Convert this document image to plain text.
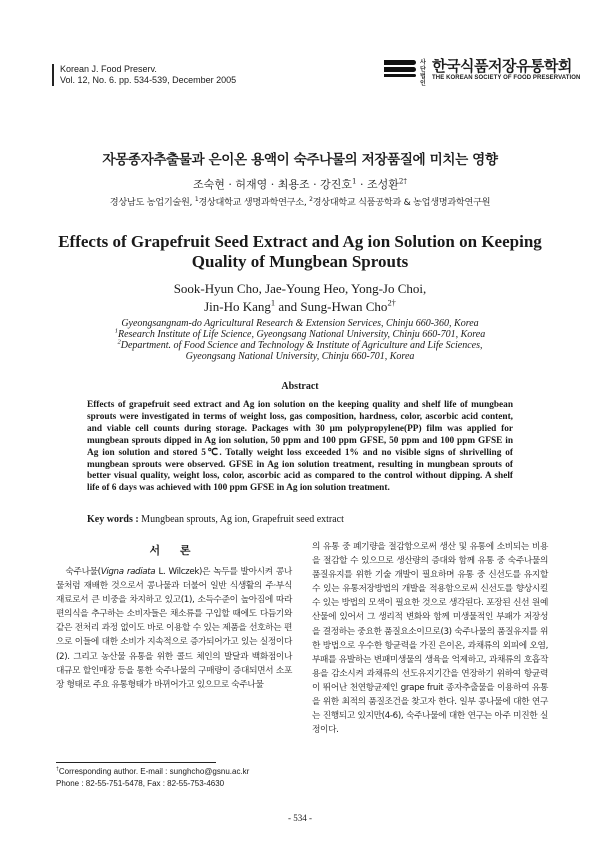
Korean J. Food Preserv.
Vol. 12, No. 6. pp. 534-539, December 2005
사단법인
한국식품저장유통학회
THE KOREAN SOCIETY OF FOOD PRESERVATION
자몽종자추출물과 은이온 용액이 숙주나물의 저장품질에 미치는 영향
조숙현 · 허재영 · 최용조 · 강진호$^1$ · 조성환$^{2\dagger}$
경상남도 농업기술원, $^1$경상대학교 생명과학연구소, $^2$경상대학교 식품공학과 & 농업생명과학연구원
Effects of Grapefruit Seed Extract and Ag ion Solution on Keeping
Quality of Mungbean Sprouts
Sook-Hyun Cho, Jae-Young Heo, Yong-Jo Choi,
Jin-Ho Kang$^1$ and Sung-Hwan Cho$^{2\dagger}$
Gyeongsangnam-do Agricultural Research & Extension Services, Chinju 660-360, Korea
$^1$Research Institute of Life Science, Gyeongsang National University, Chinju 660-701, Korea
$^2$Department. of Food Science and Technology & Institute of Agriculture and Life Sciences,
Gyeongsang National University, Chinju 660-701, Korea
Abstract
Effects of grapefruit seed extract and Ag ion solution on the keeping quality and shelf life of mungbean sprouts were investigated in terms of weight loss, gas composition, hardness, color, ascorbic acid content, and viable cell counts during storage. Packages with 30 μm polypropylene(PP) film was applied for mungbean sprouts dipped in Ag ion solution, 50 ppm and 100 ppm GFSE, 50 ppm and 100 ppm GFSE in Ag ion solution and stored 5℃. Totally weight loss exceeded 1% and no visible signs of shrivelling of mungbean sprouts were observed. GFSE in Ag ion solution treatment, resulting in mungbean sprouts of better visual quality, weight loss, color, ascorbic acid as compared to the control without dipping. A shelf life of 6 days was achieved with 100 ppm GFSE in Ag ion solution treatment.
Key words : Mungbean sprouts, Ag ion, Grapefruit seed extract
서 론
숙주나물(Vigna radiata L. Wilczek)은 녹두를 발아시켜 콩나물처럼 재배한 것으로서 콩나물과 더불어 일반 식생활의 주·부식 재료로서 큰 비중을 차지하고 있고(1), 소득수준이 높아짐에 따라 편의식을 추구하는 소비자들은 채소류를 구입할 때에도 다듬기와 같은 전처리 과정 없이도 바로 이용할 수 있는 제품을 선호하는 편으로 이들에 대한 소비가 지속적으로 증가되어가고 있는 실정이다(2). 그리고 농산물 유통을 위한 콜드 체인의 발달과 백화점이나 대규모 할인매장 등을 통한 숙주나물의 구매량이 증대되면서 소포장 형태로 주요 유통형태가 바뀌어가고 있으므로 숙주나물
의 유통 중 폐기량을 절감함으로써 생산 및 유통에 소비되는 비용을 절감할 수 있으므로 생산량의 증대와 함께 유통 중 숙주나물의 품질유지를 위한 기술 개발이 필요하며 유통 중 신선도를 유지할 수 있는 유통저장방법의 개발을 적용함으로써 신선도를 향상시킬 수 있는 방법의 모색이 필요한 것으로 생각된다. 포장된 신선 원예 산물에 있어서 그 생리적 변화와 함께 미생물적인 부패가 저장성을 결정하는 중요한 품질요소이므로(3) 숙주나물의 품질유지를 위한 방법으로 우수한 항균력을 가진 은이온, 과채류의 외피에 오염, 부패를 유발하는 변패미생물의 생육을 억제하고, 과채류의 호흡작용을 감소시켜 과채류의 선도유지기간을 연장하기 위하여 항균력이 뛰어난 천연항균제인 grape fruit 종자추출물을 이용하여 유통을 위한 최적의 품질조건을 찾고자 한다. 일부 콩나물에 대한 연구는 진행되고 있지만(4-6), 숙주나물에 대한 연구는 아주 미진한 실정이다.
†Corresponding author. E-mail : sunghcho@gsnu.ac.kr
Phone : 82-55-751-5478, Fax : 82-55-753-4630
- 534 -
